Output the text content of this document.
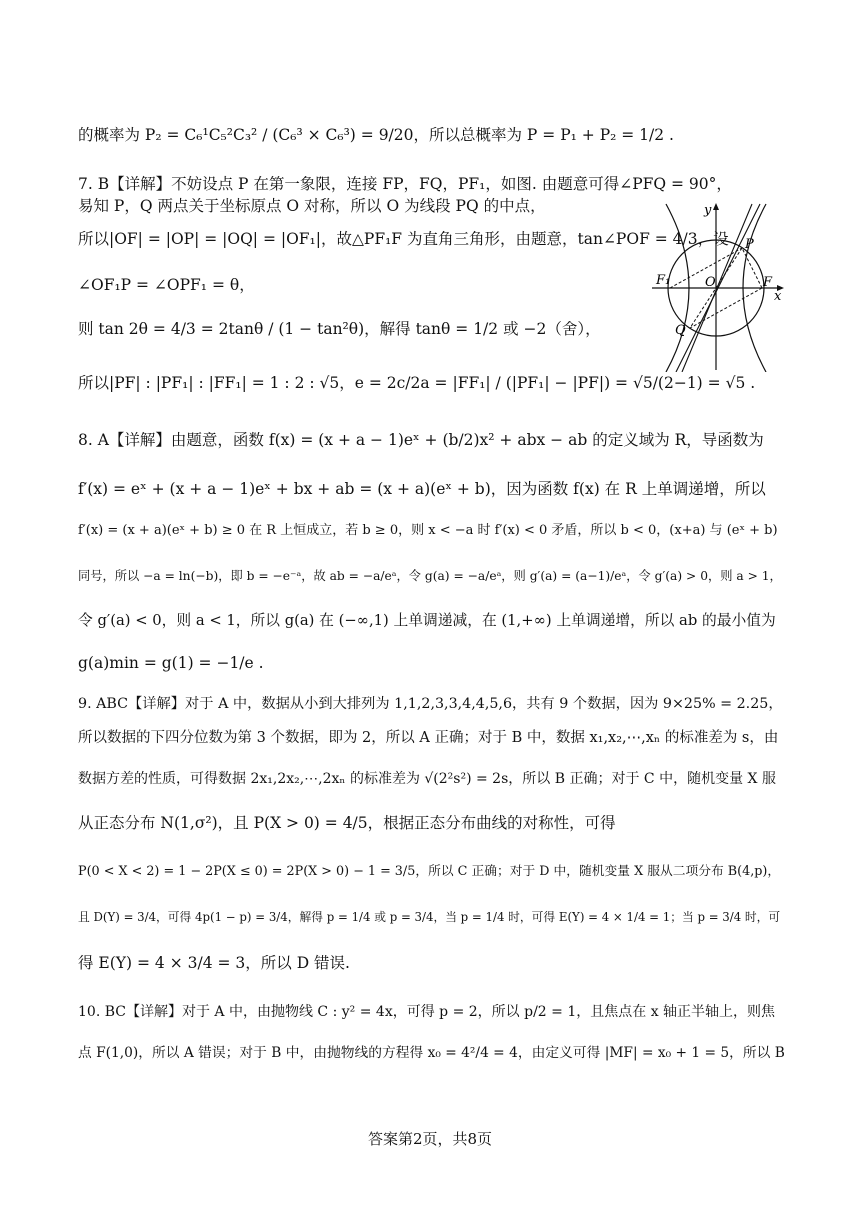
的概率为 P₂ = C₆¹C₅²C₃² / (C₆³ × C₆³) = 9/20，所以总概率为 P = P₁ + P₂ = 1/2 .
7. B【详解】不妨设点 P 在第一象限，连接 FP，FQ，PF₁，如图. 由题意可得∠PFQ = 90°，
易知 P，Q 两点关于坐标原点 O 对称，所以 O 为线段 PQ 的中点，
所以|OF| = |OP| = |OQ| = |OF₁|，故△PF₁F 为直角三角形，由题意，tan∠POF = 4/3，设
∠OF₁P = ∠OPF₁ = θ，
则 tan 2θ = 4/3 = 2tanθ / (1 − tan²θ)，解得 tanθ = 1/2 或 −2（舍），
所以|PF| : |PF₁| : |FF₁| = 1 : 2 : √5，e = 2c/2a = |FF₁| / (|PF₁| − |PF|) = √5/(2−1) = √5 .
8. A【详解】由题意，函数 f(x) = (x + a − 1)eˣ + (b/2)x² + abx − ab 的定义域为 R，导函数为
f′(x) = eˣ + (x + a − 1)eˣ + bx + ab = (x + a)(eˣ + b)，因为函数 f(x) 在 R 上单调递增，所以
f′(x) = (x + a)(eˣ + b) ≥ 0 在 R 上恒成立，若 b ≥ 0，则 x < −a 时 f′(x) < 0 矛盾，所以 b < 0，(x+a) 与 (eˣ + b)
同号，所以 −a = ln(−b)，即 b = −e⁻ᵃ，故 ab = −a/eᵃ，令 g(a) = −a/eᵃ，则 g′(a) = (a−1)/eᵃ，令 g′(a) > 0，则 a > 1，
令 g′(a) < 0，则 a < 1，所以 g(a) 在 (−∞,1) 上单调递减，在 (1,+∞) 上单调递增，所以 ab 的最小值为
g(a)min = g(1) = −1/e .
9. ABC【详解】对于 A 中，数据从小到大排列为 1,1,2,3,3,4,4,5,6，共有 9 个数据，因为 9×25% = 2.25，
所以数据的下四分位数为第 3 个数据，即为 2，所以 A 正确；对于 B 中，数据 x₁,x₂,⋯,xₙ 的标准差为 s，由
数据方差的性质，可得数据 2x₁,2x₂,⋯,2xₙ 的标准差为 √(2²s²) = 2s，所以 B 正确；对于 C 中，随机变量 X 服
从正态分布 N(1,σ²)，且 P(X > 0) = 4/5，根据正态分布曲线的对称性，可得
P(0 < X < 2) = 1 − 2P(X ≤ 0) = 2P(X > 0) − 1 = 3/5，所以 C 正确；对于 D 中，随机变量 X 服从二项分布 B(4,p)，
且 D(Y) = 3/4，可得 4p(1 − p) = 3/4，解得 p = 1/4 或 p = 3/4，当 p = 1/4 时，可得 E(Y) = 4 × 1/4 = 1；当 p = 3/4 时，可
得 E(Y) = 4 × 3/4 = 3，所以 D 错误.
10. BC【详解】对于 A 中，由抛物线 C : y² = 4x，可得 p = 2，所以 p/2 = 1，且焦点在 x 轴正半轴上，则焦
点 F(1,0)，所以 A 错误；对于 B 中，由抛物线的方程得 x₀ = 4²/4 = 4，由定义可得 |MF| = x₀ + 1 = 5，所以 B
y
x
P
F₁	O	F
Q
答案第2页，共8页
